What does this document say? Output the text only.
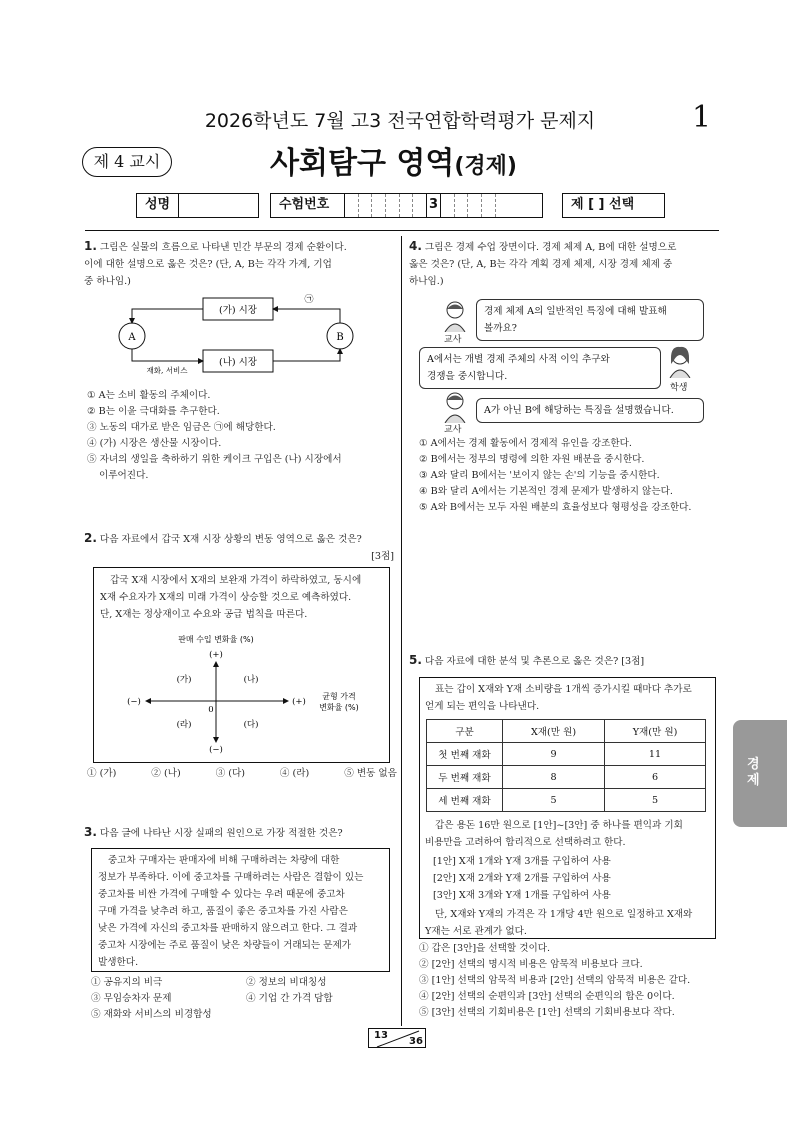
2026학년도 7월 고3 전국연합학력평가 문제지	1
제 4 교시	사회탐구 영역(경제)
성명	수험번호	3	제 [ ] 선택
1. 그림은 실물의 흐름으로 나타낸 민간 부문의 경제 순환이다.
이에 대한 설명으로 옳은 것은? (단, A, B는 각각 가계, 기업
중 하나임.)
A	B
(가) 시장
(나) 시장
㉠
재화, 서비스
① A는 소비 활동의 주체이다.
② B는 이윤 극대화를 추구한다.
③ 노동의 대가로 받은 임금은 ㉠에 해당한다.
④ (가) 시장은 생산물 시장이다.
⑤ 자녀의 생일을 축하하기 위한 케이크 구입은 (나) 시장에서
이루어진다.
2. 다음 자료에서 갑국 X재 시장 상황의 변동 영역으로 옳은 것은?
[3점]
갑국 X재 시장에서 X재의 보완재 가격이 하락하였고, 동시에
X재 수요자가 X재의 미래 가격이 상승할 것으로 예측하였다.
단, X재는 정상재이고 수요와 공급 법칙을 따른다.
판매 수입 변화율 (%)
(+)
(−)
(−)	(+)
0
균형 가격
변화율 (%)
(가)	(나)
(라)	(다)
① (가)	② (나)	③ (다)	④ (라)	⑤ 변동 없음
3. 다음 글에 나타난 시장 실패의 원인으로 가장 적절한 것은?
중고차 구매자는 판매자에 비해 구매하려는 차량에 대한
정보가 부족하다. 이에 중고차를 구매하려는 사람은 결함이 있는
중고차를 비싼 가격에 구매할 수 있다는 우려 때문에 중고차
구매 가격을 낮추려 하고, 품질이 좋은 중고차를 가진 사람은
낮은 가격에 자신의 중고차를 판매하지 않으려고 한다. 그 결과
중고차 시장에는 주로 품질이 낮은 차량들이 거래되는 문제가
발생한다.
① 공유지의 비극	② 정보의 비대칭성
③ 무임승차자 문제	④ 기업 간 가격 담합
⑤ 재화와 서비스의 비경합성
4. 그림은 경제 수업 장면이다. 경제 체제 A, B에 대한 설명으로
옳은 것은? (단, A, B는 각각 계획 경제 체제, 시장 경제 체제 중
하나임.)
교사
경제 체제 A의 일반적인 특징에 대해 발표해
볼까요?
A에서는 개별 경제 주체의 사적 이익 추구와
경쟁을 중시합니다.
학생
교사
A가 아닌 B에 해당하는 특징을 설명했습니다.
① A에서는 경제 활동에서 경제적 유인을 강조한다.
② B에서는 정부의 명령에 의한 자원 배분을 중시한다.
③ A와 달리 B에서는 '보이지 않는 손'의 기능을 중시한다.
④ B와 달리 A에서는 기본적인 경제 문제가 발생하지 않는다.
⑤ A와 B에서는 모두 자원 배분의 효율성보다 형평성을 강조한다.
5. 다음 자료에 대한 분석 및 추론으로 옳은 것은? [3점]
표는 갑이 X재와 Y재 소비량을 1개씩 증가시킬 때마다 추가로
얻게 되는 편익을 나타낸다.
구분	X재(만 원)	Y재(만 원)
첫 번째 재화	9	11
두 번째 재화	8	6
세 번째 재화	5	5
갑은 용돈 16만 원으로 [1안]~[3안] 중 하나를 편익과 기회
비용만을 고려하여 합리적으로 선택하려고 한다.
[1안] X재 1개와 Y재 3개를 구입하여 사용
[2안] X재 2개와 Y재 2개를 구입하여 사용
[3안] X재 3개와 Y재 1개를 구입하여 사용
단, X재와 Y재의 가격은 각 1개당 4만 원으로 일정하고 X재와
Y재는 서로 관계가 없다.
① 갑은 [3안]을 선택할 것이다.
② [2안] 선택의 명시적 비용은 암묵적 비용보다 크다.
③ [1안] 선택의 암묵적 비용과 [2안] 선택의 암묵적 비용은 같다.
④ [2안] 선택의 순편익과 [3안] 선택의 순편익의 합은 0이다.
⑤ [3안] 선택의 기회비용은 [1안] 선택의 기회비용보다 작다.
경
제
13
36
